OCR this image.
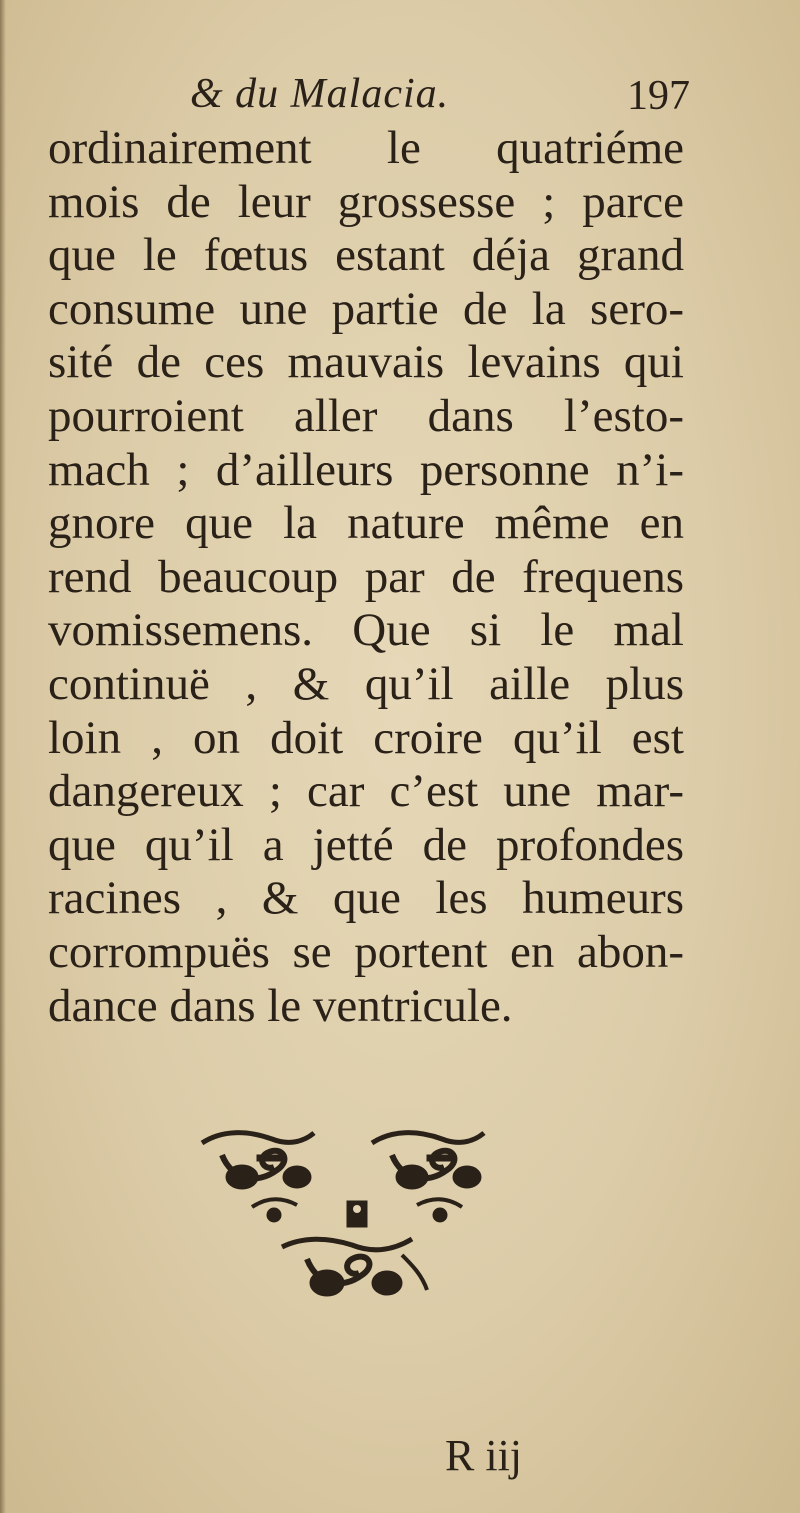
& du Malacia.	197
ordinairement le quatriéme
mois de leur grossesse ; parce
que le fœtus estant déja grand
consume une partie de la sero-
sité de ces mauvais levains qui
pourroient aller dans l’esto-
mach ; d’ailleurs personne n’i-
gnore que la nature même en
rend beaucoup par de frequens
vomissemens. Que si le mal
continuë , & qu’il aille plus
loin , on doit croire qu’il est
dangereux ; car c’est une mar-
que qu’il a jetté de profondes
racines , & que les humeurs
corrompuës se portent en abon-
dance dans le ventricule.
R iij
